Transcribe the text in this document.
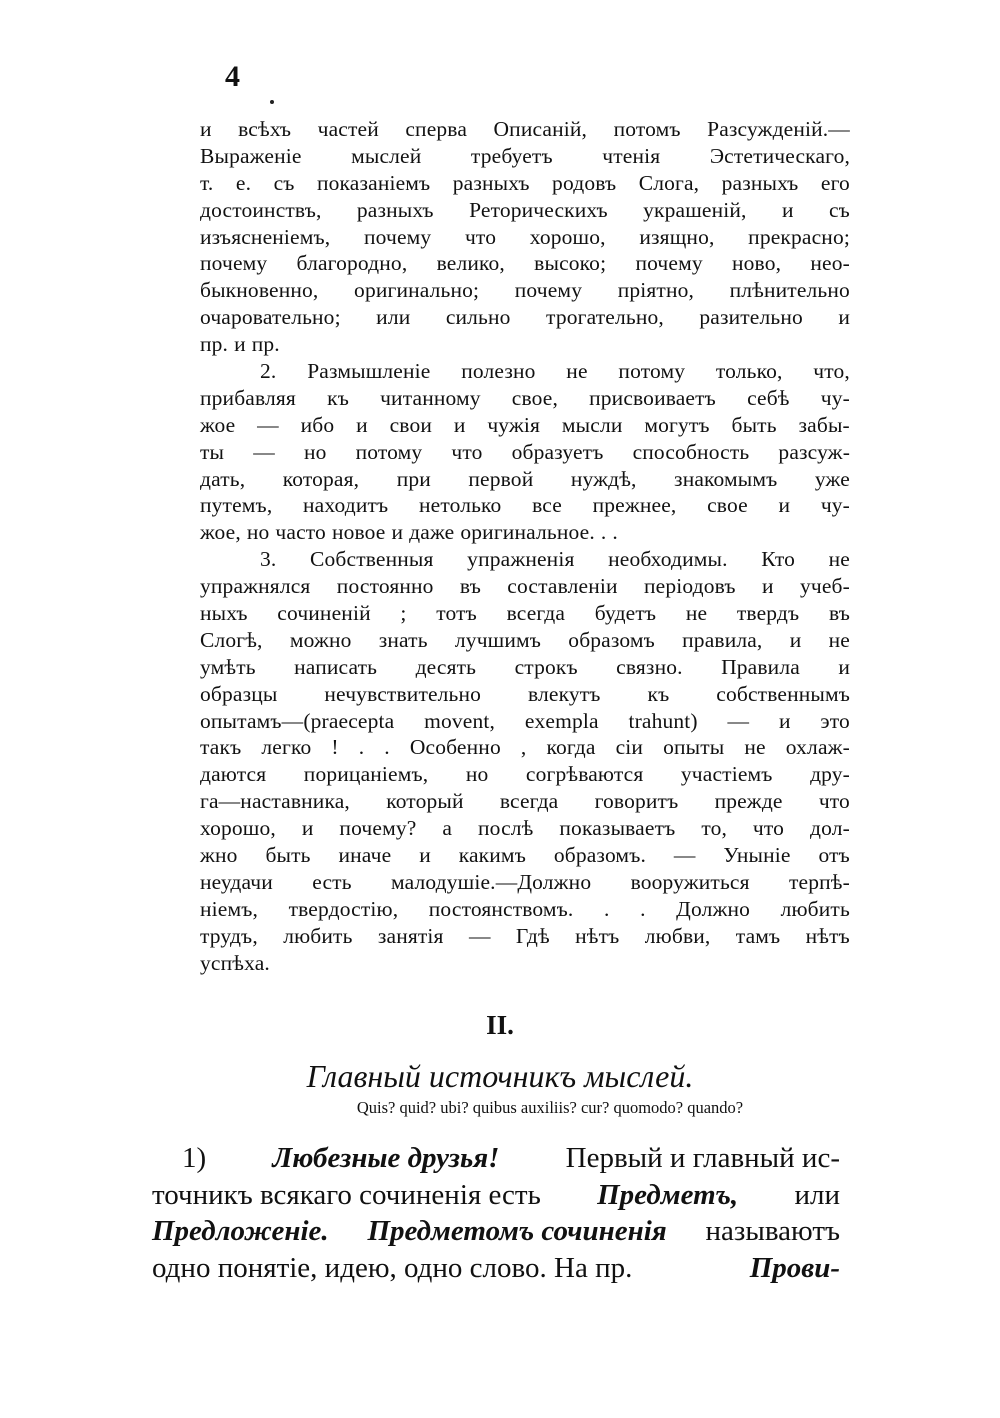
4
и всѣхъ частей сперва Описаній, потомъ Разсужденій.—
Выраженіе мыслей требуетъ чтенія Эстетическаго,
т. е. съ показаніемъ разныхъ родовъ Слога, разныхъ его
достоинствъ, разныхъ Реторическихъ украшеній, и съ
изъясненіемъ, почему что хорошо, изящно, прекрасно;
почему благородно, велико, высоко; почему ново, нео-
быкновенно, оригинально; почему пріятно, плѣнительно
очаровательно; или сильно трогательно, разительно и
пр. и пр.
2. Размышленіе полезно не потому только, что,
прибавляя къ читанному свое, присвоиваетъ себѣ чу-
жое — ибо и свои и чужія мысли могутъ быть забы-
ты — но потому что образуетъ способность разсуж-
дать, которая, при первой нуждѣ, знакомымъ уже
путемъ, находитъ нетолько все прежнее, свое и чу-
жое, но часто новое и даже оригинальное. . .
3. Собственныя упражненія необходимы. Кто не
упражнялся постоянно въ составленіи періодовъ и учеб-
ныхъ сочиненій ; тотъ всегда будетъ не твердъ въ
Слогѣ, можно знать лучшимъ образомъ правила, и не
умѣть написать десять строкъ связно. Правила и
образцы нечувствительно влекутъ къ собственнымъ
опытамъ—(praecepta movent, exempla trahunt) — и это
такъ легко ! . . Особенно , когда сіи опыты не охлаж-
даются порицаніемъ, но согрѣваются участіемъ дру-
га—наставника, который всегда говоритъ прежде что
хорошо, и почему? а послѣ показываетъ то, что дол-
жно быть иначе и какимъ образомъ. — Уныніе отъ
неудачи есть малодушіе.—Должно вооружиться терпѣ-
ніемъ, твердостію, постоянствомъ. . . Должно любить
трудъ, любить занятія — Гдѣ нѣтъ любви, тамъ нѣтъ
успѣха.
II.
Главный источникъ мыслей.
Quis? quid? ubi? quibus auxiliis? cur? quomodo? quando?
1) Любезные друзья! Первый и главный ис-
точникъ всякаго сочиненія есть Предметъ, или
Предложеніе. Предметомъ сочиненія называютъ
одно понятіе, идею, одно слово. На пр.	Прови-
